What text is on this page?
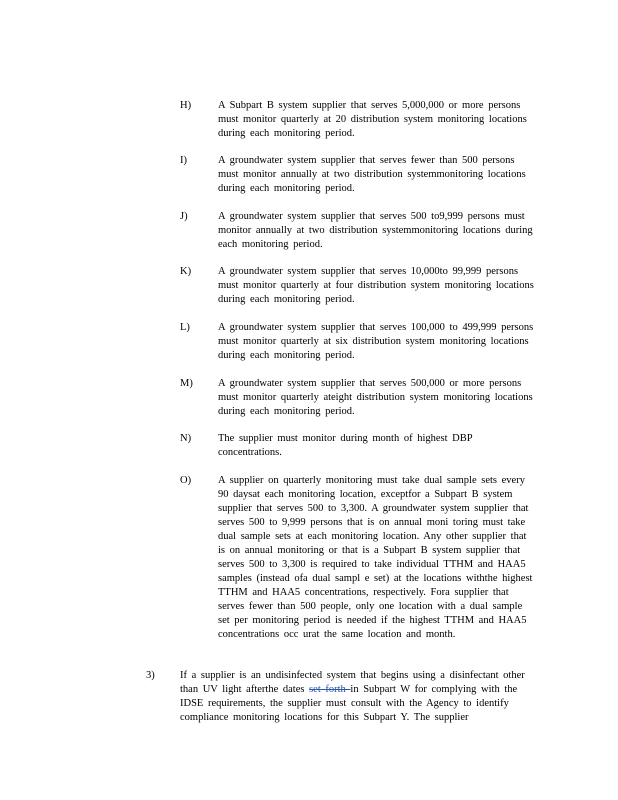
H)	A Subpart B system supplier that serves 5,000,000 or more persons must monitor quarterly at 20 distribution system monitoring locations during each monitoring period.
I)	A groundwater system supplier that serves fewer than 500 persons must monitor annually at two distribution systemmonitoring locations during each monitoring period.
J)	A groundwater system supplier that serves 500 to9,999 persons must monitor annually at two distribution systemmonitoring locations during each monitoring period.
K)	A groundwater system supplier that serves 10,000to 99,999 persons must monitor quarterly at four distribution system monitoring locations during each monitoring period.
L)	A groundwater system supplier that serves 100,000 to 499,999 persons must monitor quarterly at six distribution system monitoring locations during each monitoring period.
M) A groundwater system supplier that serves 500,000 or more persons must monitor quarterly ateight distribution system monitoring locations during each monitoring period.
N)	The supplier must monitor during month of highest DBP concentrations.
O)	A supplier on quarterly monitoring must take dual sample sets every 90 daysat each monitoring location, exceptfor a Subpart B system supplier that serves 500 to 3,300. A groundwater system supplier that serves 500 to 9,999 persons that is on annual moni toring must take dual sample sets at each monitoring location. Any other supplier that is on annual monitoring or that is a Subpart B system supplier that serves 500 to 3,300 is required to take individual TTHM and HAA5 samples (instead ofa dual sampl e set) at the locations withthe highest TTHM and HAA5 concentrations, respectively. Fora supplier that serves fewer than 500 people, only one location with a dual sample set per monitoring period is needed if the highest TTHM and HAA5 concentrations occ urat the same location and month.
3) If a supplier is an undisinfected system that begins using a disinfectant other than UV light afterthe dates set forth in Subpart W for complying with the IDSE requirements, the supplier must consult with the Agency to identify compliance monitoring locations for this Subpart Y. The supplier
